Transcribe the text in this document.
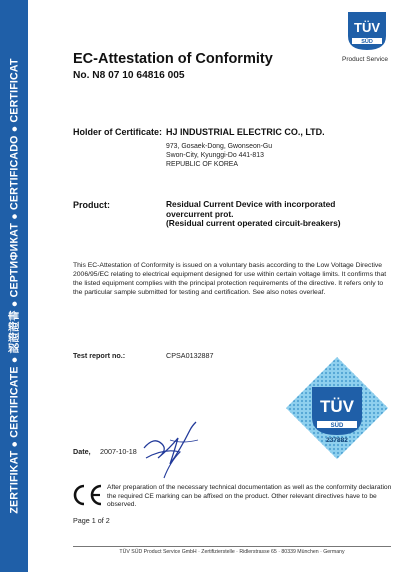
ZERTIFIKAT ● CERTIFICATE ● 認證證書 ● СЕРТИФИКАТ ● CERTIFICADO ● CERTIFICAT
TÜV
SÜD
Product Service
EC-Attestation of Conformity
No. N8 07 10 64816 005
Holder of Certificate: HJ INDUSTRIAL ELECTRIC CO., LTD.
973, Gosaek-Dong, Gwonseon-Gu
Swon-City, Kyunggi-Do 441-813
REPUBLIC OF KOREA
Product:	Residual Current Device with incorporated
overcurrent prot.
(Residual current operated circuit-breakers)
This EC-Attestation of Conformity is issued on a voluntary basis according to the Low Voltage Directive 2006/95/EC relating to electrical equipment designed for use within certain voltage limits. It confirms that the listed equipment complies with the principal protection requirements of the directive. It refers only to the particular sample submitted for testing and certification. See also notes overleaf.
Test report no.:	CPSA0132887
TÜV
SÜD
237882
Date, 2007-10-18
After preparation of the necessary technical documentation as well as the conformity declaration the required CE marking can be affixed on the product. Other relevant directives have to be observed.
Page 1 of 2
TÜV SÜD Product Service GmbH · Zertifizierstelle · Ridlerstrasse 65 · 80339 München · Germany
